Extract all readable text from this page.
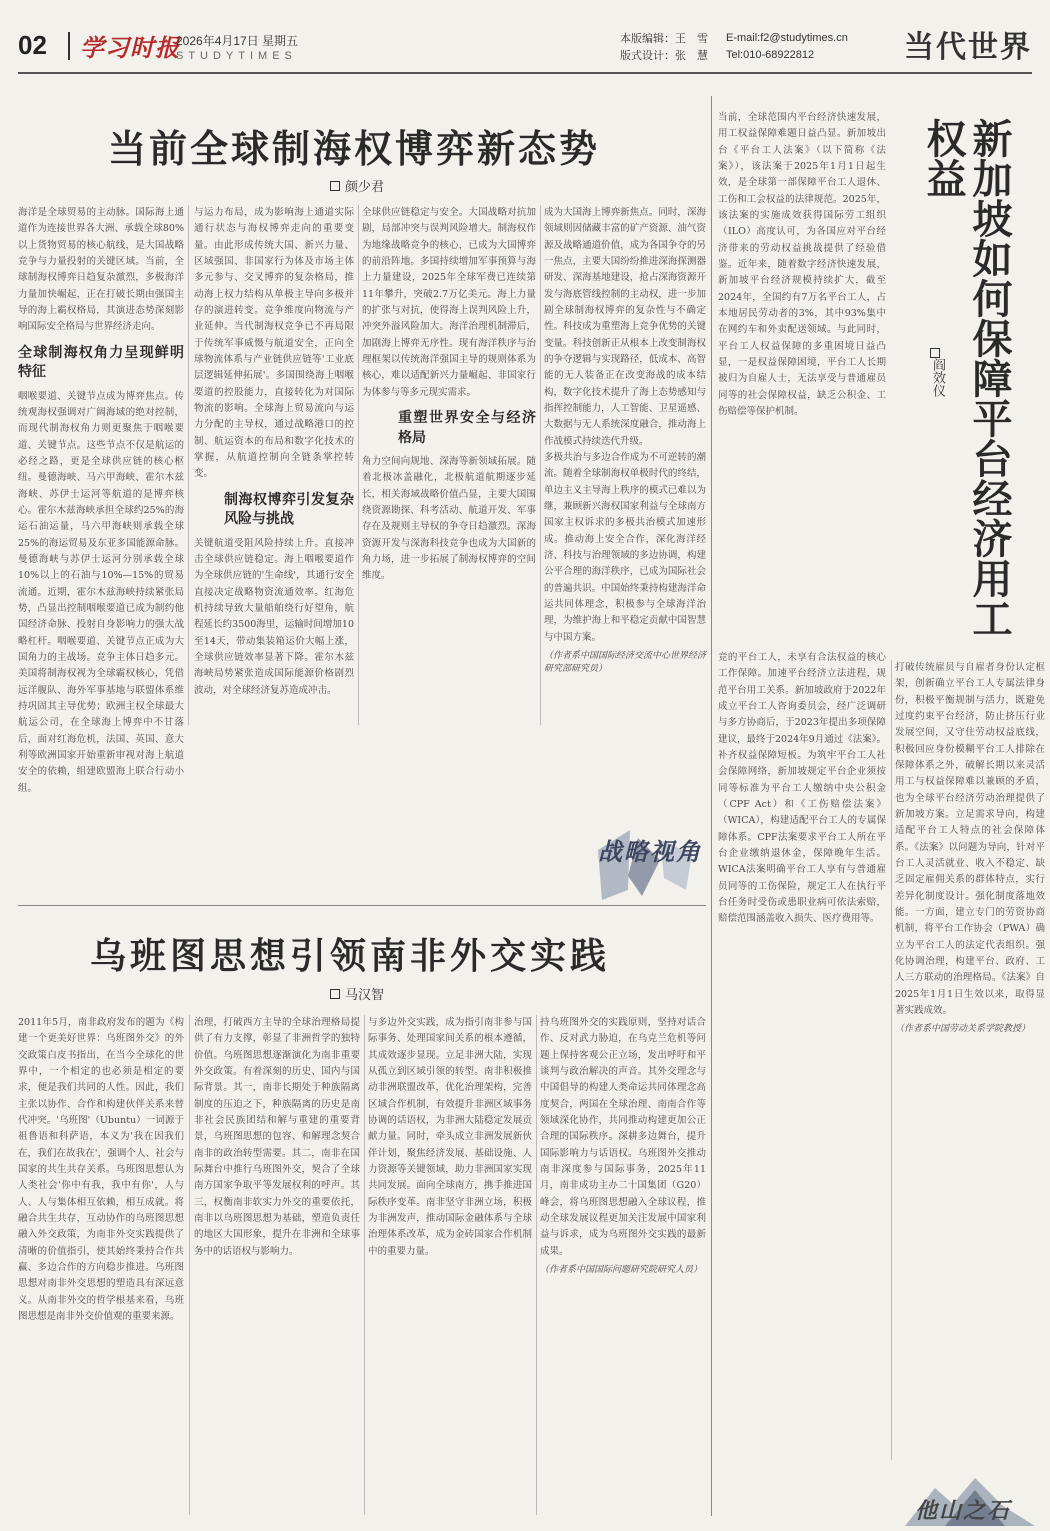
02 学习时报
2026年4月17日 星期五
STUDYTIMES
本版编辑：王　雪
版式设计：张　慧
E-mail:f2@studytimes.cn
Tel:010-68922812	当代世界
当前全球制海权博弈新态势
颜少君

海洋是全球贸易的主动脉。国际海上通道作为连接世界各大洲、承载全球80%以上货物贸易的核心航线，是大国战略竞争与力量投射的关键区域。当前，全球制海权博弈日趋复杂激烈，多极海洋力量加快崛起，正在打破长期由强国主导的海上霸权格局，其演进态势深刻影响国际安全格局与世界经济走向。

全球制海权角力呈现鲜明特征

咽喉要道、关键节点成为博弈焦点。传统观海权强调对广阔海域的绝对控制，而现代制海权角力则更聚焦于咽喉要道、关键节点。这些节点不仅是航运的必经之路，更是全球供应链的核心枢纽。曼德海峡、马六甲海峡、霍尔木兹海峡、苏伊士运河等航道的是博弈核心。霍尔木兹海峡承担全球约25%的海运石油运量，马六甲海峡则承载全球25%的海运贸易及东亚多国能源命脉。曼德海峡与苏伊士运河分别承载全球10%以上的石油与10%—15%的贸易流通。近期，霍尔木兹海峡持续紧张局势，凸显出控制咽喉要道已成为制约他国经济命脉、投射自身影响力的强大战略杠杆。咽喉要道、关键节点正成为大国角力的主战场。竞争主体日趋多元。美国将制海权视为全球霸权核心，凭借远洋舰队、海外军事基地与联盟体系维持巩固其主导优势；欧洲主权全球最大航运公司，在全球海上博弈中不甘落后，面对红海危机，法国、英国、意大利等欧洲国家开始重新审视对海上航道安全的依赖，组建欧盟海上联合行动小组。

与运力布局，成为影响海上通道实际通行状态与海权博弈走向的重要变量。由此形成传统大国、新兴力量、区域强国、非国家行为体及市场主体多元参与、交叉博弈的复杂格局，推动海上权力结构从单极主导向多极并存的演进转变。竞争维度向物流与产业延伸。当代制海权竞争已不再局限于传统军事威慑与航道安全，正向全球物流体系与产业链供应链等'工业底层逻辑延伸拓展'。多国围绕海上咽喉要道的控股能力，直接转化为对国际物流的影响。全球海上贸易流向与运力分配的主导权，通过战略港口的控制、航运资本的布局和数字化技术的掌握，从航道控制向全链条掌控转变。

制海权博弈引发复杂风险与挑战

关键航道受阻风险持续上升。直接冲击全球供应链稳定。海上咽喉要道作为全球供应链的'生命线'，其通行安全直接决定战略物资流通效率。红海危机持续导致大量船舶绕行好望角，航程延长约3500海里，运输时间增加10至14天，带动集装箱运价大幅上涨，全球供应链效率显著下降。霍尔木兹海峡局势紧张造成国际能源价格剧烈波动，对全球经济复苏造成冲击。

全球供应链稳定与安全。大国战略对抗加剧，局部冲突与误判风险增大。制海权作为地缘战略竞争的核心，已成为大国博弈的前沿阵地。多国持续增加军事预算与海上力量建设，2025年全球军费已连续第11年攀升，突破2.7万亿美元。海上力量的扩张与对抗，使得海上误判风险上升，冲突外溢风险加大。海洋治理机制滞后，加剧海上博弈无序性。现有海洋秩序与治理框架以传统海洋强国主导的规则体系为核心，难以适配新兴力量崛起、非国家行为体参与等多元现实需求。

重塑世界安全与经济格局

角力空间向规地、深海等新领域拓展。随着北极冰盖融化，北极航道航期逐步延长，相关海域战略价值凸显，主要大国围绕资源勘探、科考活动、航道开发、军事存在及规则主导权的争夺日趋激烈。深海资源开发与深海科技竞争也成为大国新的角力场，进一步拓展了制海权博弈的空间维度。

成为大国海上博弈新焦点。同时，深海领域则因储藏丰富的矿产资源、油气资源及战略通道价值，成为各国争夺的另一焦点，主要大国纷纷推进深海探测器研发、深海基地建设，抢占深海资源开发与海底管线控制的主动权，进一步加剧全球制海权博弈的复杂性与不确定性。科技成为重塑海上竞争优势的关键变量。科技创新正从根本上改变制海权的争夺逻辑与实现路径，低成本、高智能的无人装备正在改变海战的成本结构，数字化技术提升了海上态势感知与指挥控制能力，人工智能、卫星遥感、大数据与无人系统深度融合，推动海上作战模式持续迭代升级。

多极共治与多边合作成为不可逆转的潮流。随着全球制海权单极时代的终结，单边主义主导海上秩序的模式已难以为继，兼顾新兴海权国家利益与全球南方国家主权诉求的多极共治模式加速形成。推动海上安全合作，深化海洋经济、科技与治理领域的多边协调，构建公平合理的海洋秩序，已成为国际社会的普遍共识。中国始终秉持构建海洋命运共同体理念，积极参与全球海洋治理，为维护海上和平稳定贡献中国智慧与中国方案。

（作者系中国国际经济交流中心世界经济研究部研究员）
战略视角
乌班图思想引领南非外交实践
马汉智

2011年5月，南非政府发布的题为《构建一个更美好世界：乌班图外交》的外交政策白皮书指出，在当今全球化的世界中，一个相定的也必须是相定的要求，便是我们共同的人性。因此，我们主张以协作、合作和构建伙伴关系来替代冲突。'乌班图'（Ubuntu）一词源于祖鲁语和科萨语，本义为'我在因我们在，我们在故我在'，强调个人、社会与国家的共生共存关系。乌班图思想认为人类社会'你中有我，我中有你'，人与人、人与集体相互依赖，相互成就。将融合共生共存，互动协作的乌班图思想融入外交政策，为南非外交实践提供了清晰的价值指引，使其始终秉持合作共赢、多边合作的方向稳步推进。乌班图思想对南非外交思想的塑造具有深远意义。从南非外交的哲学根基来看，乌班图思想是南非外交价值观的重要来源。

治理，打破西方主导的全球治理格局提供了有力支撑，彰显了非洲哲学的独特价值。乌班图思想逐渐演化为南非重要外交政策。有着深刻的历史、国内与国际背景。其一，南非长期处于种族隔离制度的压迫之下，种族隔离的历史是南非社会民族团结和解与重建的重要背景，乌班图思想的包容、和解理念契合南非的政治转型需要。其二，南非在国际舞台中推行乌班图外交，契合了全球南方国家争取平等发展权利的呼声。其三，权衡南非软实力外交的重要依托，南非以乌班图思想为基础，塑造负责任的地区大国形象，提升在非洲和全球事务中的话语权与影响力。

与多边外交实践，成为指引南非参与国际事务、处理国家间关系的根本遵循，其成效逐步显现。立足非洲大陆，实现从孤立到区域引领的转型。南非积极推动非洲联盟改革，优化治理架构，完善区域合作机制，有效提升非洲区域事务协调的话语权，为非洲大陆稳定发展贡献力量。同时，牵头成立非洲发展新伙伴计划，聚焦经济发展、基础设施、人力资源等关键领域，助力非洲国家实现共同发展。面向全球南方，携手推进国际秩序变革。南非坚守非洲立场，积极为非洲发声，推动国际金融体系与全球治理体系改革，成为金砖国家合作机制中的重要力量。

持乌班图外交的实践原则，坚持对话合作、反对武力胁迫，在乌克兰危机等问题上保持客观公正立场，发出呼吁和平谈判与政治解决的声音。其外交理念与中国倡导的构建人类命运共同体理念高度契合，两国在全球治理、南南合作等领域深化协作，共同推动构建更加公正合理的国际秩序。深耕多边舞台，提升国际影响力与话语权。乌班图外交推动南非深度参与国际事务，2025年11月，南非成功主办二十国集团（G20）峰会，将乌班图思想融入全球议程，推动全球发展议程更加关注发展中国家利益与诉求，成为乌班图外交实践的最新成果。

（作者系中国国际问题研究院研究人员）
新加坡如何保障平台经济用工权益
阎效仪

当前，全球范围内平台经济快速发展，用工权益保障难题日益凸显。新加坡出台《平台工人法案》（以下简称《法案》），该法案于2025年1月1日起生效，是全球第一部保障平台工人退休、工伤和工会权益的法律规范。2025年，该法案的实施成效获得国际劳工组织（ILO）高度认可，为各国应对平台经济带来的劳动权益挑战提供了经验借鉴。近年来，随着数字经济快速发展，新加坡平台经济规模持续扩大，截至2024年，全国约有7万名平台工人，占本地居民劳动者的3%，其中93%集中在网约车和外卖配送领域。与此同时，平台工人权益保障的多重困境日益凸显，一是权益保障困境，平台工人长期被归为自雇人士，无法享受与普通雇员同等的社会保障权益，缺乏公积金、工伤赔偿等保护机制。

竞的平台工人，未享有合法权益的核心工作保障。加速平台经济立法进程，规范平台用工关系。新加坡政府于2022年成立平台工人咨询委员会，经广泛调研与多方协商后，于2023年提出多项保障建议，最终于2024年9月通过《法案》。补齐权益保障短板。为筑牢平台工人社会保障网络，新加坡规定平台企业须按同等标准为平台工人缴纳中央公积金（CPF Act）和《工伤赔偿法案》（WICA），构建适配平台工人的专属保障体系。CPF法案要求平台工人所在平台企业缴纳退休金，保障晚年生活。WICA法案明确平台工人享有与普通雇员同等的工伤保险，规定工人在执行平台任务时受伤或患职业病可依法索赔，赔偿范围涵盖收入损失、医疗费用等。

打破传统雇员与自雇者身份认定框架，创新确立平台工人专属法律身份，积极平衡规制与活力，既避免过度约束平台经济，防止挤压行业发展空间，又守住劳动权益底线，积极回应身份模糊平台工人排除在保障体系之外，破解长期以来灵活用工与权益保障难以兼顾的矛盾，也为全球平台经济劳动治理提供了新加坡方案。立足需求导向，构建适配平台工人特点的社会保障体系。《法案》以问题为导向，针对平台工人灵活就业、收入不稳定、缺乏固定雇佣关系的群体特点，实行差异化制度设计。强化制度落地效能。一方面，建立专门的劳资协商机制，将平台工作协会（PWA）确立为平台工人的法定代表组织。强化协调治理，构建平台、政府、工人三方联动的治理格局。《法案》自2025年1月1日生效以来，取得显著实践成效。

（作者系中国劳动关系学院教授）
他山之石
